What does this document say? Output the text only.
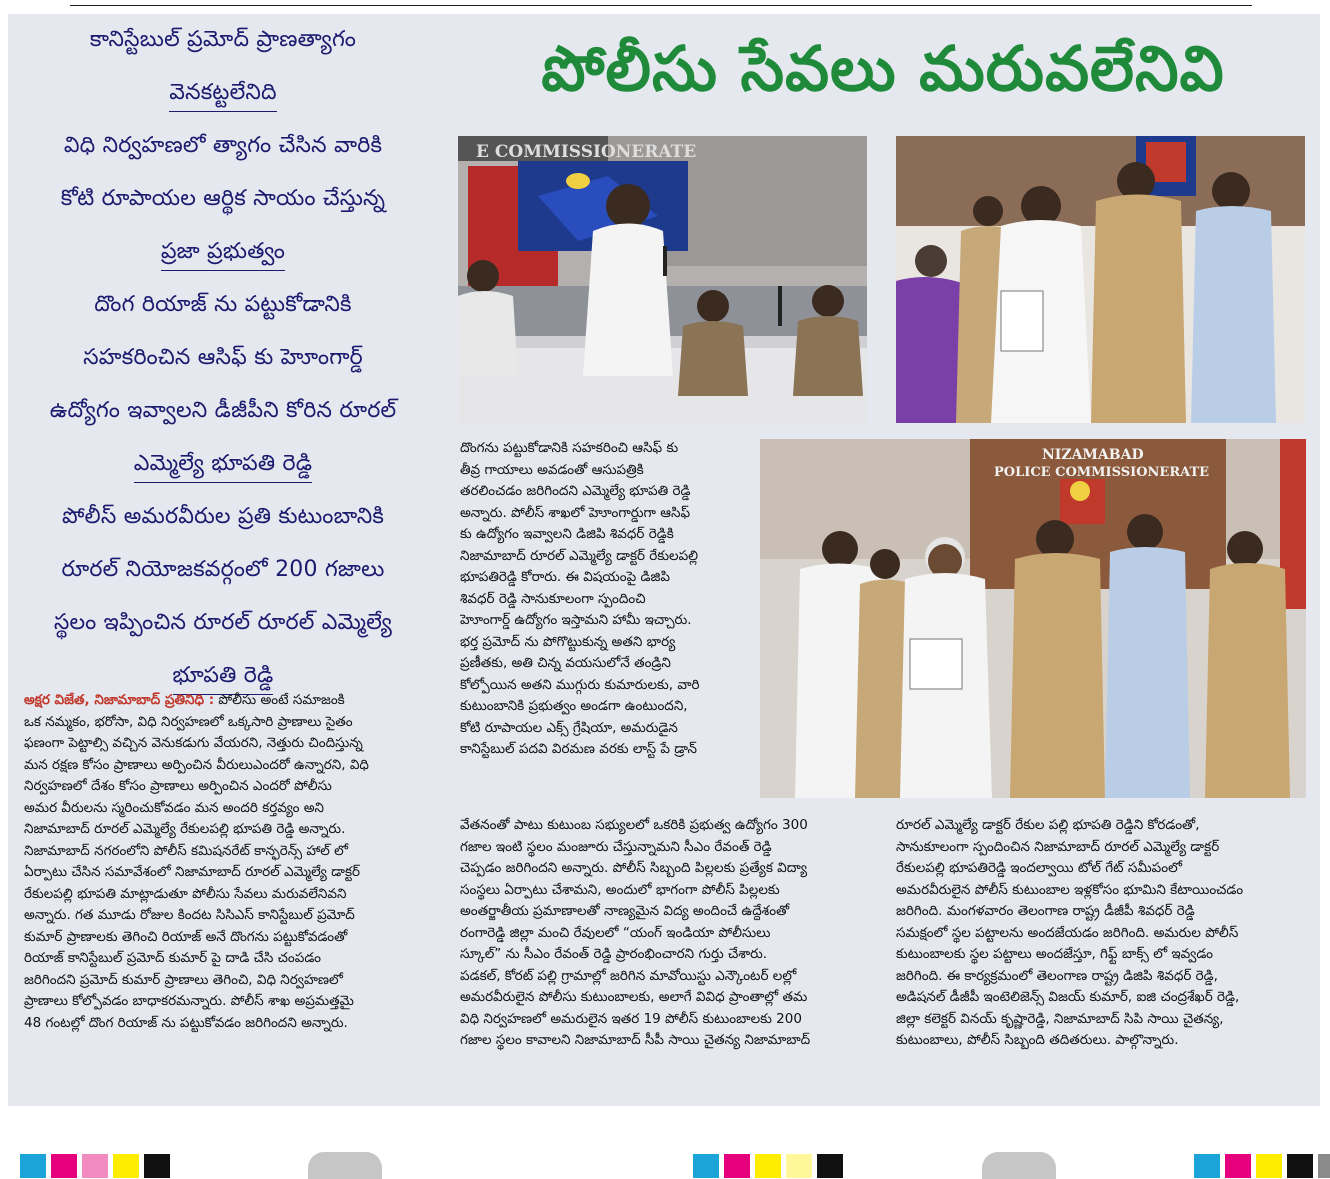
కానిస్టేబుల్ ప్రమోద్ ప్రాణత్యాగం
వెనకట్టలేనిది
విధి నిర్వహణలో త్యాగం చేసిన వారికి
కోటి రూపాయల ఆర్థిక సాయం చేస్తున్న
ప్రజా ప్రభుత్వం
దొంగ రియాజ్ ను పట్టుకోడానికి
సహకరించిన ఆసిఫ్ కు హెూంగార్డ్
ఉద్యోగం ఇవ్వాలని డీజీపీని కోరిన రూరల్
ఎమ్మెల్యే భూపతి రెడ్డి
పోలీస్ అమరవీరుల ప్రతి కుటుంబానికి
రూరల్ నియోజకవర్గంలో 200 గజాలు
స్థలం ఇప్పించిన రూరల్ రూరల్ ఎమ్మెల్యే
భూపతి రెడ్డి
పోలీసు సేవలు మరువలేనివి
E COMMISSIONERATE
NIZAMABAD
POLICE COMMISSIONERATE

అక్షర విజేత, నిజామాబాద్ ప్రతినిధి : పోలీసు అంటే సమాజంకి

ఒక నమ్మకం, భరోసా, విధి నిర్వహణలో ఒక్కసారి ప్రాణాలు సైతం

ఫణంగా పెట్టాల్సి వచ్చిన వెనుకడుగు వేయరని, నెత్తురు చిందిస్తున్న

మన రక్షణ కోసం ప్రాణాలు అర్పించిన వీరులుఎందరో ఉన్నారని, విధి

నిర్వహణలో దేశం కోసం ప్రాణాలు అర్పించిన ఎందరో పోలీసు

అమర వీరులను స్మరించుకోవడం మన అందరి కర్తవ్యం అని

నిజామాబాద్ రూరల్ ఎమ్మెల్యే రేకులపల్లి భూపతి రెడ్డి అన్నారు.

నిజామాబాద్ నగరంలోని పోలీస్ కమిషనరేట్ కాన్ఫరెన్స్ హాల్ లో

ఏర్పాటు చేసిన సమావేశంలో నిజామాబాద్ రూరల్ ఎమ్మెల్యే డాక్టర్

రేకులపల్లి భూపతి మాట్లాడుతూ పోలీసు సేవలు మరువలేనివని

అన్నారు. గత మూడు రోజుల కిందట సిసిఎస్ కానిస్టేబుల్ ప్రమోద్

కుమార్ ప్రాణాలకు తెగించి రియాజ్ అనే దొంగను పట్టుకోవడంతో

రియాజ్ కానిస్టేబుల్ ప్రమోద్ కుమార్ పై దాడి చేసి చంపడం

జరిగిందని ప్రమోద్ కుమార్ ప్రాణాలు తెగించి, విధి నిర్వహణలో

ప్రాణాలు కోల్పోవడం బాధాకరమన్నారు. పోలీస్ శాఖ అప్రమత్తమై

48 గంటల్లో దొంగ రియాజ్ ను పట్టుకోవడం జరిగిందని అన్నారు.

దొంగను పట్టుకోడానికి సహకరించి ఆసిఫ్ కు

తీవ్ర గాయాలు అవడంతో ఆసుపత్రికి

తరలించడం జరిగిందని ఎమ్మెల్యే భూపతి రెడ్డి

అన్నారు. పోలీస్ శాఖలో హెూంగార్డుగా ఆసిఫ్

కు ఉద్యోగం ఇవ్వాలని డిజిపి శివధర్ రెడ్డికి

నిజామాబాద్ రూరల్ ఎమ్మెల్యే డాక్టర్ రేకులపల్లి

భూపతిరెడ్డి కోరారు. ఈ విషయంపై డిజిపి

శివధర్ రెడ్డి సానుకూలంగా స్పందించి

హెూంగార్డ్ ఉద్యోగం ఇస్తామని హామీ ఇచ్చారు.

భర్త ప్రమోద్ ను పోగొట్టుకున్న అతని భార్య

ప్రణీతకు, అతి చిన్న వయసులోనే తండ్రిని

కోల్పోయిన అతని ముగ్గురు కుమారులకు, వారి

కుటుంబానికి ప్రభుత్వం అండగా ఉంటుందని,

కోటి రూపాయల ఎక్స్ గ్రేషియా, అమరుడైన

కానిస్టేబుల్ పదవి విరమణ వరకు లాస్ట్ పే డ్రాన్

వేతనంతో పాటు కుటుంబ సభ్యులలో ఒకరికి ప్రభుత్వ ఉద్యోగం 300

గజాల ఇంటి స్థలం మంజూరు చేస్తున్నామని సీఎం రేవంత్ రెడ్డి

చెప్పడం జరిగిందని అన్నారు. పోలీస్ సిబ్బంది పిల్లలకు ప్రత్యేక విద్యా

సంస్థలు ఏర్పాటు చేశామని, అందులో భాగంగా పోలీస్ పిల్లలకు

అంతర్జాతీయ ప్రమాణాలతో నాణ్యమైన విద్య అందించే ఉద్దేశంతో

రంగారెడ్డి జిల్లా మంచి రేవులలో “యంగ్ ఇండియా పోలీసులు

స్కూల్” ను సీఎం రేవంత్ రెడ్డి ప్రారంభించారని గుర్తు చేశారు.

పడకల్, కోరట్ పల్లి గ్రామాల్లో జరిగిన మావోయిస్టు ఎన్కౌంటర్ లల్లో

అమరవీరులైన పోలీసు కుటుంబాలకు, అలాగే వివిధ ప్రాంతాల్లో తమ

విధి నిర్వహణలో అమరులైన ఇతర 19 పోలీస్ కుటుంబాలకు 200

గజాల స్థలం కావాలని నిజామాబాద్ సీపీ సాయి చైతన్య నిజామాబాద్

రూరల్ ఎమ్మెల్యే డాక్టర్ రేకుల పల్లి భూపతి రెడ్డిని కోరడంతో,

సానుకూలంగా స్పందించిన నిజామాబాద్ రూరల్ ఎమ్మెల్యే డాక్టర్

రేకులపల్లి భూపతిరెడ్డి ఇందల్వాయి టోల్ గేట్ సమీపంలో

అమరవీరులైన పోలీస్ కుటుంబాల ఇళ్లకోసం భూమిని కేటాయించడం

జరిగింది. మంగళవారం తెలంగాణ రాష్ట్ర డీజీపీ శివధర్ రెడ్డి

సమక్షంలో స్థల పట్టాలను అందజేయడం జరిగింది. అమరుల పోలీస్

కుటుంబాలకు స్థల పట్టాలు అందజేస్తూ, గిఫ్ట్ బాక్స్ లో ఇవ్వడం

జరిగింది. ఈ కార్యక్రమంలో తెలంగాణ రాష్ట్ర డిజిపి శివధర్ రెడ్డి,

అడిషనల్ డీజీపీ ఇంటెలిజెన్స్ విజయ్ కుమార్, ఐజి చంద్రశేఖర్ రెడ్డి,

జిల్లా కలెక్టర్ వినయ్ కృష్ణారెడ్డి, నిజామాబాద్ సిపి సాయి చైతన్య,

కుటుంబాలు, పోలీస్ సిబ్బంది తదితరులు. పాల్గొన్నారు.
